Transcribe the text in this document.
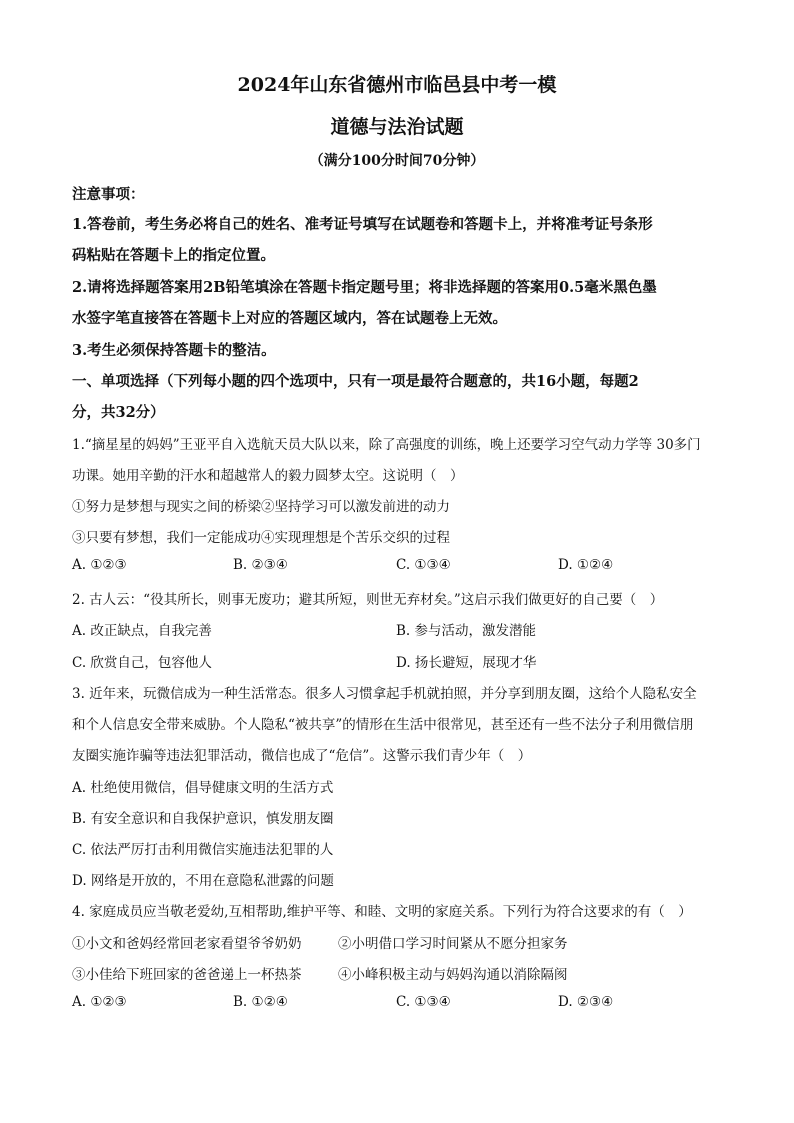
2024年山东省德州市临邑县中考一模
道德与法治试题
（满分100分时间70分钟）
注意事项：
1.答卷前，考生务必将自己的姓名、准考证号填写在试题卷和答题卡上，并将准考证号条形
码粘贴在答题卡上的指定位置。
2.请将选择题答案用2B铅笔填涂在答题卡指定题号里；将非选择题的答案用0.5毫米黑色墨
水签字笔直接答在答题卡上对应的答题区域内，答在试题卷上无效。
3.考生必须保持答题卡的整洁。
一、单项选择（下列每小题的四个选项中，只有一项是最符合题意的，共16小题，每题2
分，共32分）
1.“摘星星的妈妈”王亚平自入选航天员大队以来，除了高强度的训练，晚上还要学习空气动力学等 30多门
功课。她用辛勤的汗水和超越常人的毅力圆梦太空。这说明（　）
①努力是梦想与现实之间的桥梁②坚持学习可以激发前进的动力
③只要有梦想，我们一定能成功④实现理想是个苦乐交织的过程
A. ①②③	B. ②③④	C. ①③④	D. ①②④
2. 古人云：“役其所长，则事无废功；避其所短，则世无弃材矣。”这启示我们做更好的自己要（　）
A. 改正缺点，自我完善	B. 参与活动，激发潜能
C. 欣赏自己，包容他人	D. 扬长避短，展现才华
3. 近年来，玩微信成为一种生活常态。很多人习惯拿起手机就拍照，并分享到朋友圈，这给个人隐私安全
和个人信息安全带来威胁。个人隐私“被共享”的情形在生活中很常见，甚至还有一些不法分子利用微信朋
友圈实施诈骗等违法犯罪活动，微信也成了“危信”。这警示我们青少年（　）
A. 杜绝使用微信，倡导健康文明的生活方式
B. 有安全意识和自我保护意识，慎发朋友圈
C. 依法严厉打击利用微信实施违法犯罪的人
D. 网络是开放的，不用在意隐私泄露的问题
4. 家庭成员应当敬老爱幼,互相帮助,维护平等、和睦、文明的家庭关系。下列行为符合这要求的有（　）
①小文和爸妈经常回老家看望爷爷奶奶	②小明借口学习时间紧从不愿分担家务
③小佳给下班回家的爸爸递上一杯热茶	④小峰积极主动与妈妈沟通以消除隔阂
A. ①②③	B. ①②④	C. ①③④	D. ②③④
